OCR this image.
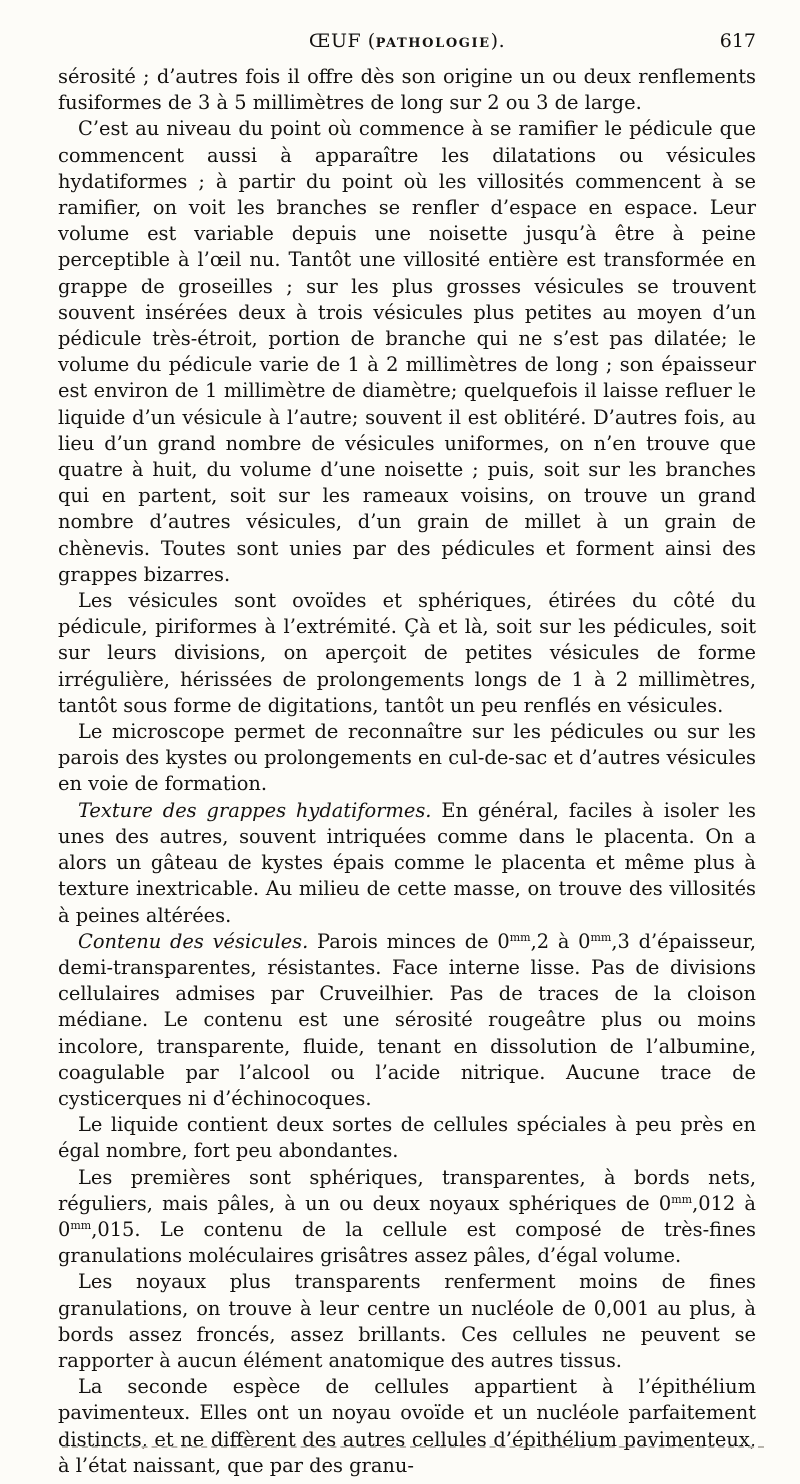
ŒUF (PATHOLOGIE).	617

sérosité ; d’autres fois il offre dès son origine un ou deux renflements fusiformes de 3 à 5 millimètres de long sur 2 ou 3 de large.

C’est au niveau du point où commence à se ramifier le pédicule que commencent aussi à apparaître les dilatations ou vésicules hydatiformes ; à partir du point où les villosités commencent à se ramifier, on voit les branches se renfler d’espace en espace. Leur volume est variable depuis une noisette jusqu’à être à peine perceptible à l’œil nu. Tantôt une villosité entière est transformée en grappe de groseilles ; sur les plus grosses vésicules se trouvent souvent insérées deux à trois vésicules plus petites au moyen d’un pédicule très-étroit, portion de branche qui ne s’est pas dilatée; le volume du pédicule varie de 1 à 2 millimètres de long ; son épaisseur est environ de 1 millimètre de diamètre; quelquefois il laisse refluer le liquide d’un vésicule à l’autre; souvent il est oblitéré. D’autres fois, au lieu d’un grand nombre de vésicules uniformes, on n’en trouve que quatre à huit, du volume d’une noisette ; puis, soit sur les branches qui en partent, soit sur les rameaux voisins, on trouve un grand nombre d’autres vésicules, d’un grain de millet à un grain de chènevis. Toutes sont unies par des pédicules et forment ainsi des grappes bizarres.

Les vésicules sont ovoïdes et sphériques, étirées du côté du pédicule, piriformes à l’extrémité. Çà et là, soit sur les pédicules, soit sur leurs divisions, on aperçoit de petites vésicules de forme irrégulière, hérissées de prolongements longs de 1 à 2 millimètres, tantôt sous forme de digitations, tantôt un peu renflés en vésicules.

Le microscope permet de reconnaître sur les pédicules ou sur les parois des kystes ou prolongements en cul-de-sac et d’autres vésicules en voie de formation.

Texture des grappes hydatiformes. En général, faciles à isoler les unes des autres, souvent intriquées comme dans le placenta. On a alors un gâteau de kystes épais comme le placenta et même plus à texture inextricable. Au milieu de cette masse, on trouve des villosités à peines altérées.

Contenu des vésicules. Parois minces de $0^{mm},2$ à $0^{mm},3$ d’épaisseur, demi-transparentes, résistantes. Face interne lisse. Pas de divisions cellulaires admises par Cruveilhier. Pas de traces de la cloison médiane. Le contenu est une sérosité rougeâtre plus ou moins incolore, transparente, fluide, tenant en dissolution de l’albumine, coagulable par l’alcool ou l’acide nitrique. Aucune trace de cysticerques ni d’échinocoques.

Le liquide contient deux sortes de cellules spéciales à peu près en égal nombre, fort peu abondantes.

Les premières sont sphériques, transparentes, à bords nets, réguliers, mais pâles, à un ou deux noyaux sphériques de $0^{mm},012$ à $0^{mm},015$. Le contenu de la cellule est composé de très-fines granulations moléculaires grisâtres assez pâles, d’égal volume.

Les noyaux plus transparents renferment moins de fines granulations, on trouve à leur centre un nucléole de 0,001 au plus, à bords assez froncés, assez brillants. Ces cellules ne peuvent se rapporter à aucun élément anatomique des autres tissus.

La seconde espèce de cellules appartient à l’épithélium pavimenteux. Elles ont un noyau ovoïde et un nucléole parfaitement distincts, et ne diffèrent des autres cellules d’épithélium pavimenteux, à l’état naissant, que par des granu-
